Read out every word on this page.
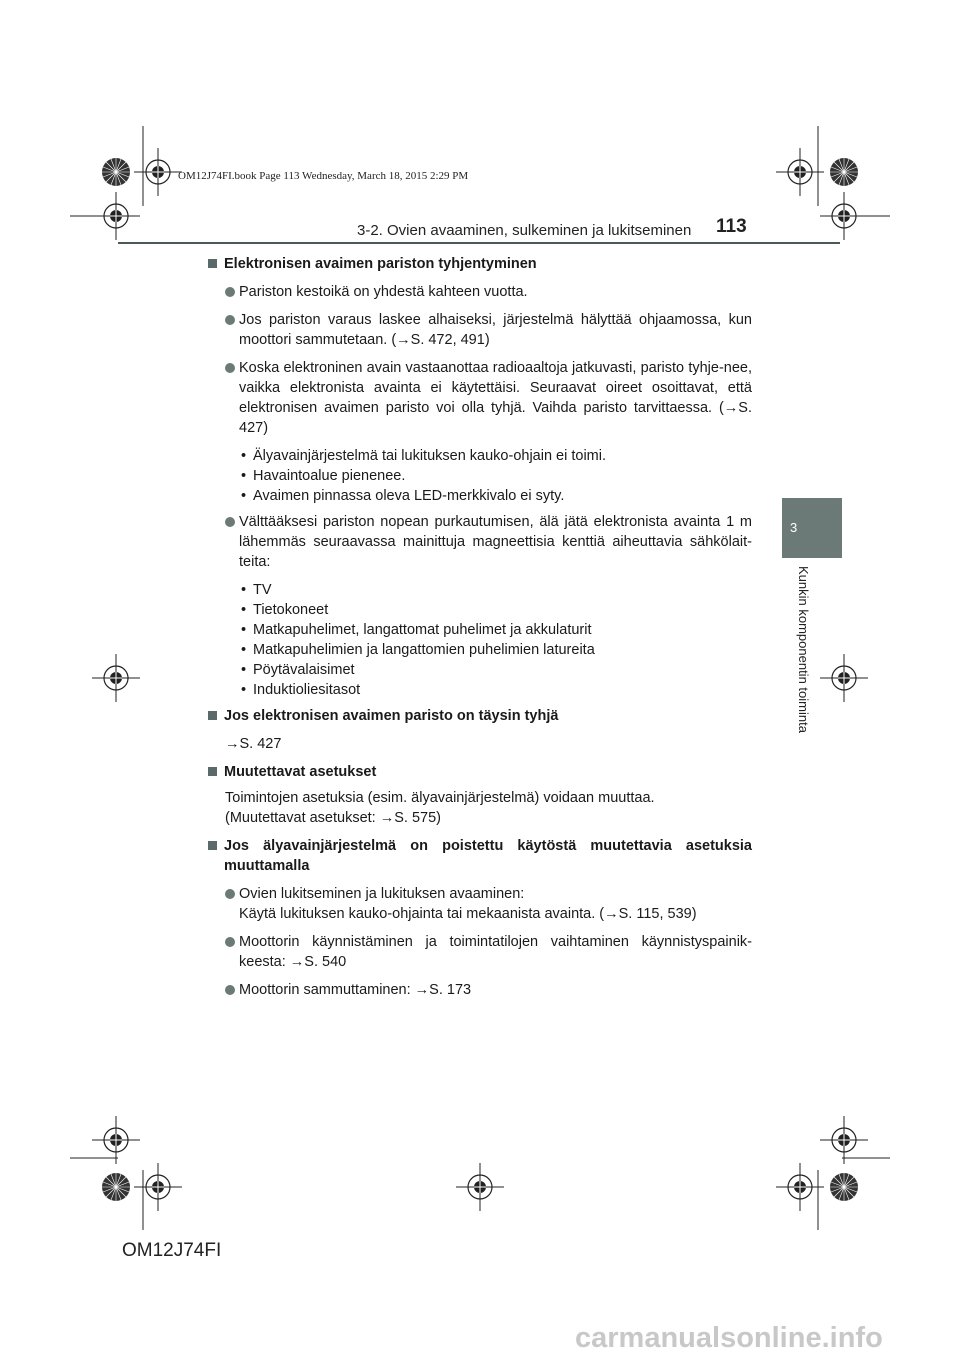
OM12J74FI.book Page 113 Wednesday, March 18, 2015 2:29 PM
3-2. Ovien avaaminen, sulkeminen ja lukitseminen 113
3
Kunkin komponentin toiminta
Elektronisen avaimen pariston tyhjentyminen
Pariston kestoikä on yhdestä kahteen vuotta.
Jos pariston varaus laskee alhaiseksi, järjestelmä hälyttää ohjaamossa, kun moottori sammutetaan. (→S. 472, 491)
Koska elektroninen avain vastaanottaa radioaaltoja jatkuvasti, paristo tyhje-nee, vaikka elektronista avainta ei käytettäisi. Seuraavat oireet osoittavat, että elektronisen avaimen paristo voi olla tyhjä. Vaihda paristo tarvittaessa. (→S. 427)
• Älyavainjärjestelmä tai lukituksen kauko-ohjain ei toimi.
• Havaintoalue pienenee.
• Avaimen pinnassa oleva LED-merkkivalo ei syty.
Välttääksesi pariston nopean purkautumisen, älä jätä elektronista avainta 1 m lähemmäs seuraavassa mainittuja magneettisia kenttiä aiheuttavia sähkölait-teita:
• TV
• Tietokoneet
• Matkapuhelimet, langattomat puhelimet ja akkulaturit
• Matkapuhelimien ja langattomien puhelimien latureita
• Pöytävalaisimet
• Induktioliesitasot
Jos elektronisen avaimen paristo on täysin tyhjä
→S. 427
Muutettavat asetukset
Toimintojen asetuksia (esim. älyavainjärjestelmä) voidaan muuttaa.
(Muutettavat asetukset: →S. 575)
Jos älyavainjärjestelmä on poistettu käytöstä muutettavia asetuksia muuttamalla
Ovien lukitseminen ja lukituksen avaaminen:
Käytä lukituksen kauko-ohjainta tai mekaanista avainta. (→S. 115, 539)
Moottorin käynnistäminen ja toimintatilojen vaihtaminen käynnistyspainik-keesta: →S. 540
Moottorin sammuttaminen: →S. 173
OM12J74FI
carmanualsonline.info
